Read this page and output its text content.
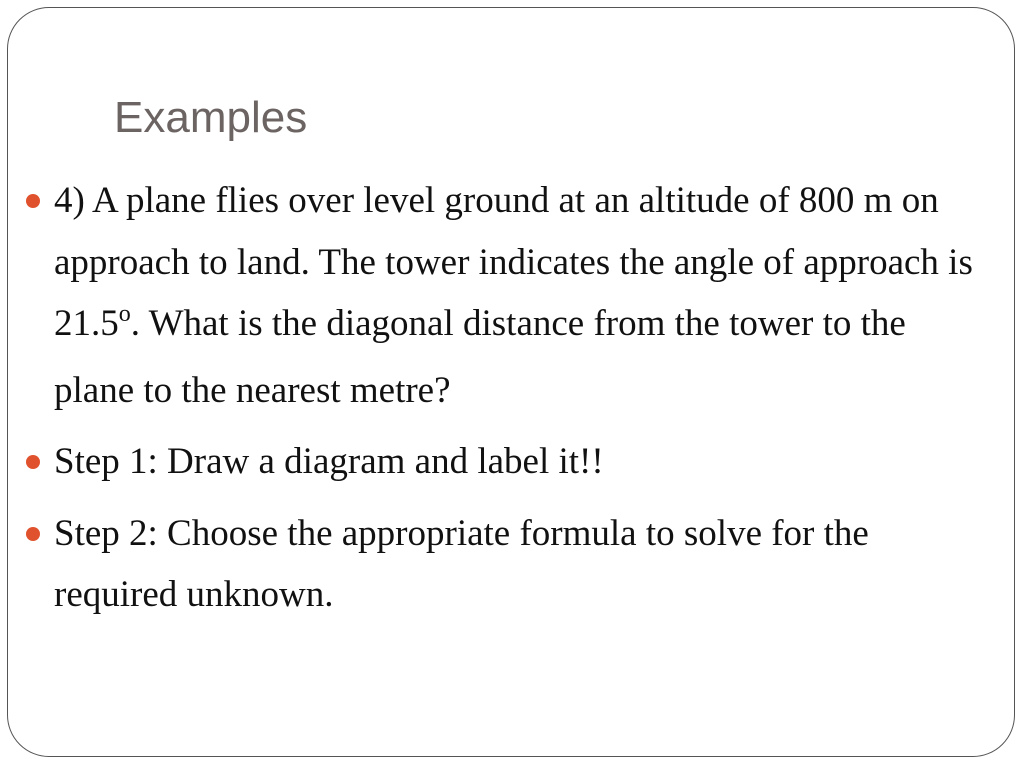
Examples
4) A plane flies over level ground at an altitude of 800 m on approach to land. The tower indicates the angle of approach is 21.5$^o$. What is the diagonal distance from the tower to the plane to the nearest metre?
Step 1: Draw a diagram and label it!!
Step 2: Choose the appropriate formula to solve for the required unknown.
